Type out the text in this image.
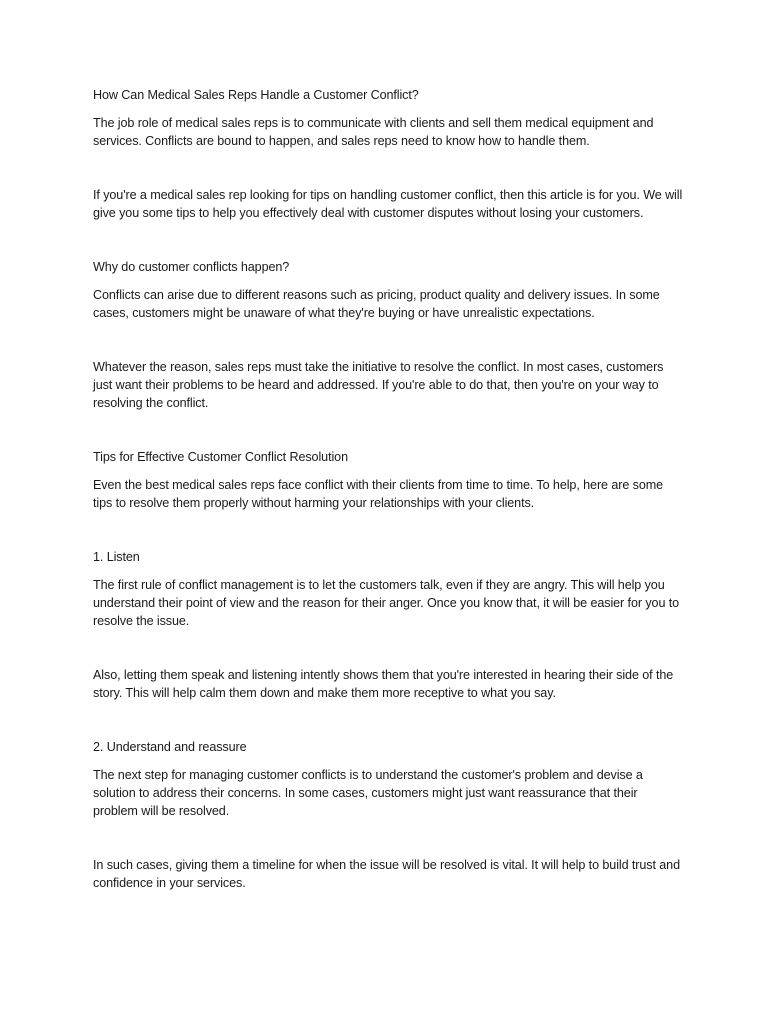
How Can Medical Sales Reps Handle a Customer Conflict?

The job role of medical sales reps is to communicate with clients and sell them medical equipment and services. Conflicts are bound to happen, and sales reps need to know how to handle them.

If you're a medical sales rep looking for tips on handling customer conflict, then this article is for you. We will give you some tips to help you effectively deal with customer disputes without losing your customers.

Why do customer conflicts happen?

Conflicts can arise due to different reasons such as pricing, product quality and delivery issues. In some cases, customers might be unaware of what they're buying or have unrealistic expectations.

Whatever the reason, sales reps must take the initiative to resolve the conflict. In most cases, customers just want their problems to be heard and addressed. If you're able to do that, then you're on your way to resolving the conflict.

Tips for Effective Customer Conflict Resolution

Even the best medical sales reps face conflict with their clients from time to time. To help, here are some tips to resolve them properly without harming your relationships with your clients.

1. Listen

The first rule of conflict management is to let the customers talk, even if they are angry. This will help you understand their point of view and the reason for their anger. Once you know that, it will be easier for you to resolve the issue.

Also, letting them speak and listening intently shows them that you're interested in hearing their side of the story. This will help calm them down and make them more receptive to what you say.

2. Understand and reassure

The next step for managing customer conflicts is to understand the customer's problem and devise a solution to address their concerns. In some cases, customers might just want reassurance that their problem will be resolved.

In such cases, giving them a timeline for when the issue will be resolved is vital. It will help to build trust and confidence in your services.
